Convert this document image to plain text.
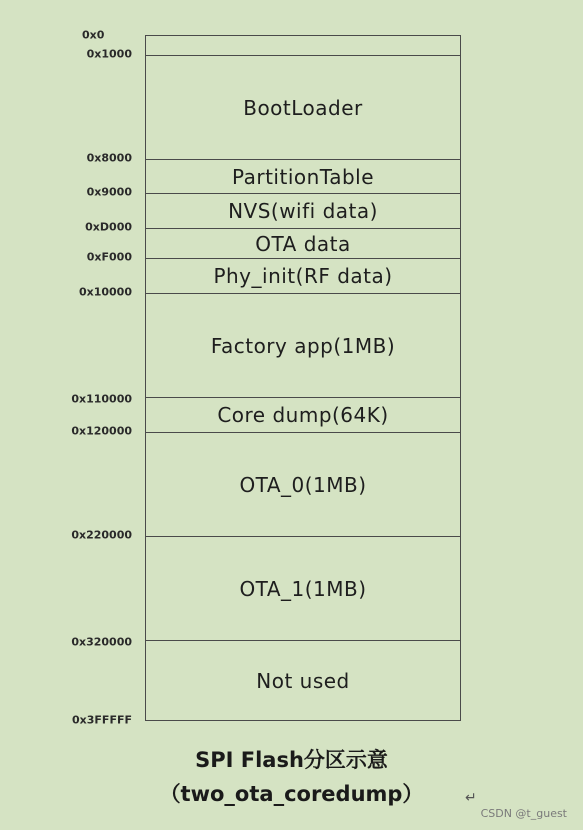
BootLoader
PartitionTable
NVS(wifi data)
OTA data
Phy_init(RF data)
Factory app(1MB)
Core dump(64K)
OTA_0(1MB)
OTA_1(1MB)
Not used
0x0
0x1000
0x8000
0x9000
0xD000
0xF000
0x10000
0x110000
0x120000
0x220000
0x320000
0x3FFFFF
SPI Flash分区示意
（two_ota_coredump）	↵
CSDN @t_guest
